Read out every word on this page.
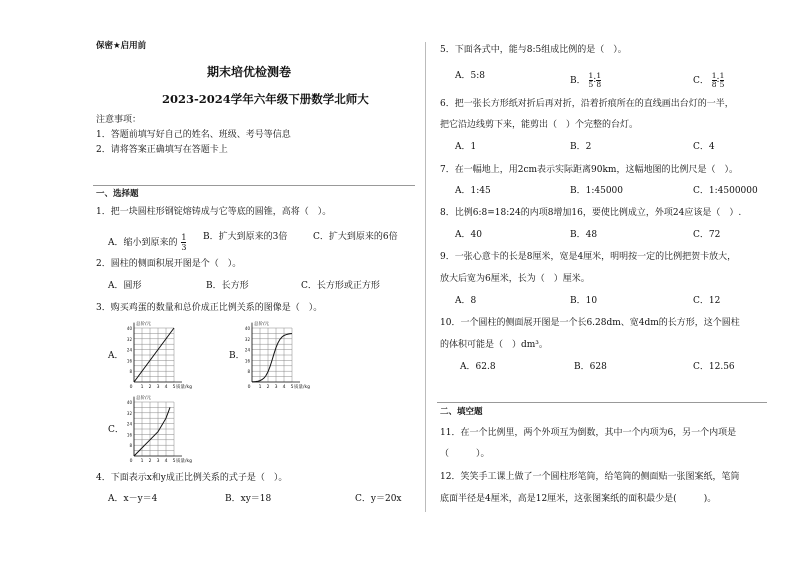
保密★启用前
期末培优检测卷
2023-2024学年六年级下册数学北师大
注意事项：
1．答题前填写好自己的姓名、班级、考号等信息
2．请将答案正确填写在答题卡上
一、选择题
1．把一块圆柱形钢锭熔铸成与它等底的圆锥，高将（　）。
A．缩小到原来的 $\frac{1}{3}$ B．扩大到原来的3倍	C．扩大到原来的6倍
2．圆柱的侧面积展开图是个（　）。
A．圆形	B．长方形	C．长方形或正方形
3．购买鸡蛋的数量和总价成正比例关系的图像是（　）。
A．	B．
C．
40
32
24
16
8
1 2 3 4 5
0
总价/元
质量/kg
40
32
24
16
8
1 2 3 4 5
0
总价/元
质量/kg
40
32
24
16
8
1 2 3 4 5
0
总价/元
质量/kg
4．下面表示x和y成正比例关系的式子是（　）。
A．x－y＝4	B．xy＝18	C．y＝20x
5．下面各式中，能与8:5组成比例的是（　）。
A．5:8	B． $\frac{1}{5}$ : $\frac{1}{8}$	C． $\frac{1}{8}$ : $\frac{1}{5}$
6．把一张长方形纸对折后再对折，沿着折痕所在的直线画出台灯的一半，
把它沿边线剪下来，能剪出（　）个完整的台灯。
A．1	B．2	C．4
7．在一幅地上，用2cm表示实际距离90km，这幅地图的比例尺是（　）。
A．1:45	B．1:45000	C．1:4500000
8．比例6:8=18:24的内项8增加16，要使比例成立，外项24应该是（　）.
A．40	B．48	C．72
9．一张心意卡的长是8厘米，宽是4厘米，明明按一定的比例把贺卡放大，
放大后宽为6厘米，长为（　）厘米。
A．8	B．10	C．12
10．一个圆柱的侧面展开图是一个长6.28dm、宽4dm的长方形，这个圆柱
的体积可能是（　）dm³。
A．62.8	B．628	C．12.56
二、填空题
11．在一个比例里，两个外项互为倒数，其中一个内项为6，另一个内项是
（　　　）。
12．笑笑手工课上做了一个圆柱形笔筒，给笔筒的侧面贴一张图案纸，笔筒
底面半径是4厘米，高是12厘米，这张图案纸的面积最少是(　　　)。
